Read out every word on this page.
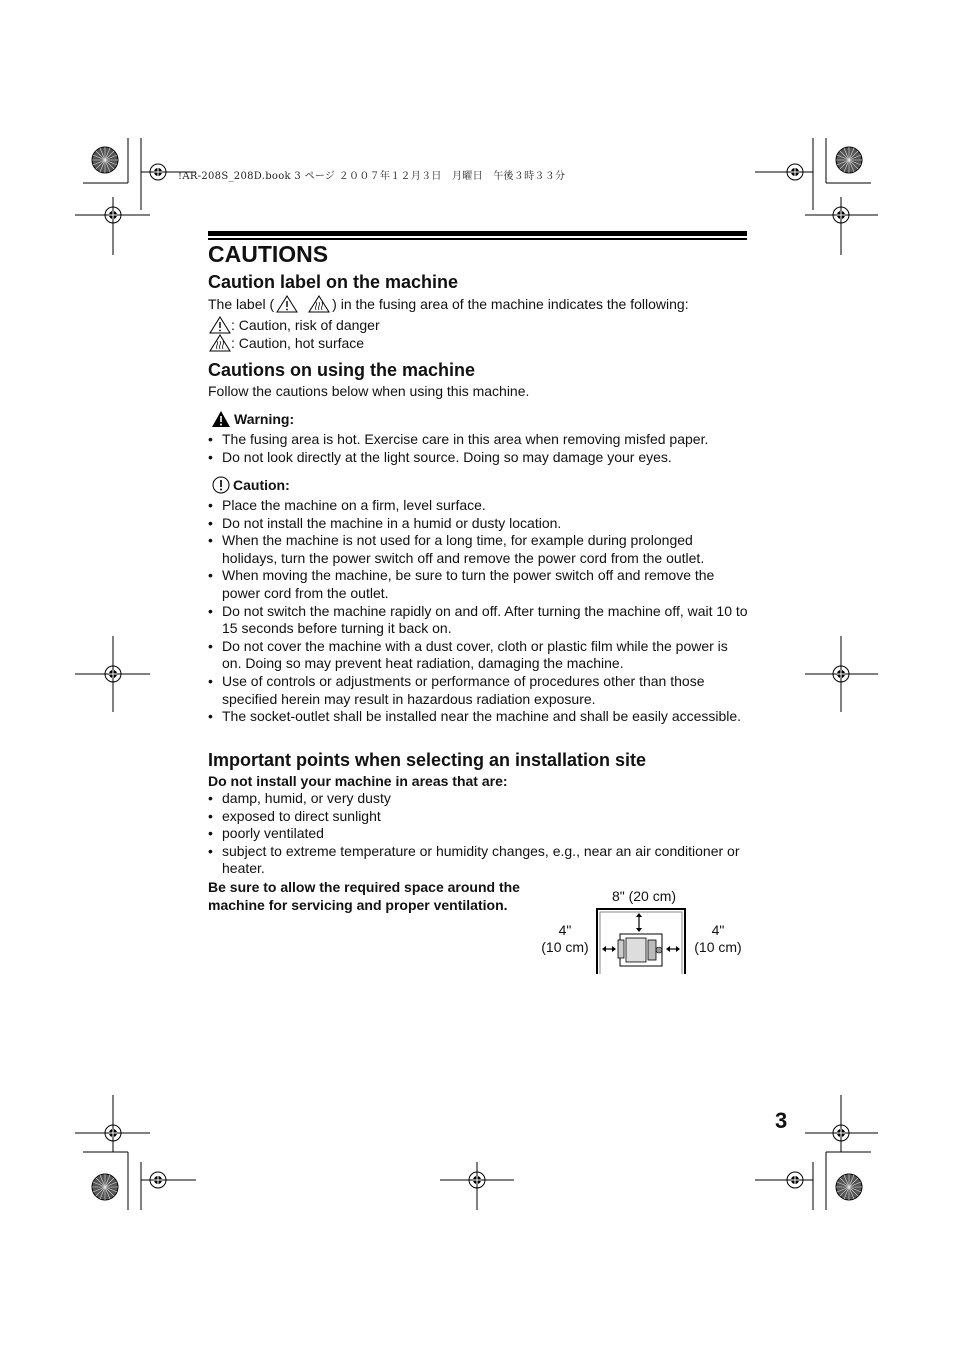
!AR-208S_208D.book 3 ページ ２００７年１２月３日　月曜日　午後３時３３分
CAUTIONS
Caution label on the machine
The label (	) in the fusing area of the machine indicates the following:
: Caution, risk of danger
: Caution, hot surface
Cautions on using the machine
Follow the cautions below when using this machine.
Warning:
• The fusing area is hot. Exercise care in this area when removing misfed paper.
• Do not look directly at the light source. Doing so may damage your eyes.
Caution:
• Place the machine on a firm, level surface.
• Do not install the machine in a humid or dusty location.
• When the machine is not used for a long time, for example during prolonged holidays, turn the power switch off and remove the power cord from the outlet.
• When moving the machine, be sure to turn the power switch off and remove the power cord from the outlet.
• Do not switch the machine rapidly on and off. After turning the machine off, wait 10 to 15 seconds before turning it back on.
• Do not cover the machine with a dust cover, cloth or plastic film while the power is on. Doing so may prevent heat radiation, damaging the machine.
• Use of controls or adjustments or performance of procedures other than those specified herein may result in hazardous radiation exposure.
• The socket-outlet shall be installed near the machine and shall be easily accessible.
Important points when selecting an installation site
Do not install your machine in areas that are:
• damp, humid, or very dusty
• exposed to direct sunlight
• poorly ventilated
• subject to extreme temperature or humidity changes, e.g., near an air conditioner or heater.
Be sure to allow the required space around the machine for servicing and proper ventilation.
8" (20 cm)
4"
(10 cm)
4"
(10 cm)
3
